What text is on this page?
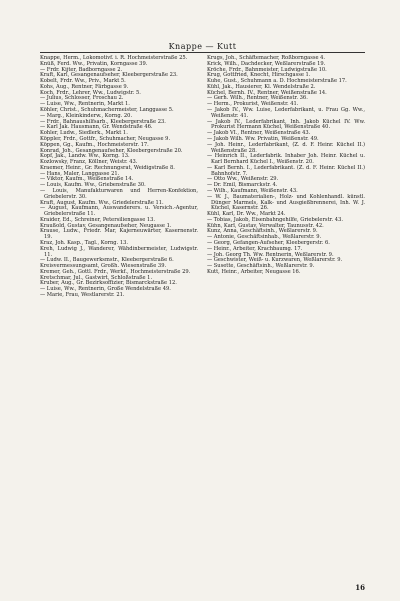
Knappe — Kutt

Knappe, Herm., Lokomotivf. i. R. Hochmeisterstraße 25.

Knüß, Ferd. Ww., Privatin, Korngasse 39.

— Frdr. Kijter, Badborngasse 2.

Kraft, Karl, Gesangenaufseher, Kleebergerstraße 23.

Kobelt, Frdr. Ww., Priv., Markt 5.

Kohs, Aug., Rentner, Färbgasse 9.

Koch, Frdr., Lehrer, Ww., Ludwigstr. 5.

— Julius, Schlosser, Froschau 2.

— Luise, Ww., Rentnerin, Markt 1.

Köhler, Christ., Schuhmachermeister, Langgasse 5.

— Marg., Kleinkinderw., Korng. 20.

— Frdr., Bahnaushilfsarb., Kleebergerstraße 23.

— Karl Jak. Hausmann, Gr. Wendstraße 46.

Kohler, Ludw., Siedlerk., Markt 1.

Köppler, Frdr., Gottfr., Schuhmacher, Neugasse 9.

Köppen, Gg., Kaufm., Hochmeisterstr. 17.

Konrad, Joh., Gesangenaufseher, Kleebergerstraße 20.

Kopf, Jak., Landw. Ww., Korng. 13.

Kozlowsky, Franz, Köllner, Weistr. 43.

Kraemer, Heinr., Gr. Rechnungsrat, Weidigstraße 8.

— Hans, Maler, Langgasse 21.

— Viktor, Kaufm., Weißenstraße 14.

— Louis, Kaufm. Ww., Griebenstraße 30.

— Louis, Manufakturwaren und Herren-Konfektion, Griebelerstr. 30.

Kraft, August, Kaufm. Ww., Griedelerstraße 11.

— August, Kaufmann, Auswanderers. u. Versich.-Agentur, Griebelerstraße 11.

Kraider, Ed., Schreiner, Petersiliengasse 13.

Kraußold, Gustav, Gesangenaufseher, Neugasse 1.

Krause, Ludw., Friedr. Mar, Kajerneuwärter, Kasernenstr. 19.

Kraz, Joh. Kasp., Tagl., Korng. 13.

Kreh, Ludwig J., Wanderer, Wähdinbermeister, Ludwigstr. 11.

— Ludw. II., Baugewerksmstr., Kleebergerstraße 6.

Kreisvermessungsamt, Großh. Wiesenstraße 39.

Kremer, Geh., Gottl. Frdr., Werkf., Hochmeisterstraße 29.

Kretschmar, Jul., Gastwirt, Schloßstraße 1.

Kruber, Aug., Gr. Bezirksoffizier, Bismarckstraße 12.

— Luise, Ww., Rentnerin, Große Wendelstraße 49.

— Marie, Frau, Westlarerstr. 21.

Krugs, Joh., Schäftemacher, Roßborngasse 4.

Krick, Wilh., Dachdecker, Weßlarerstraße 19.

Kröche, Frdr., Bahnmeister, Ludwigstraße 10.

Krug, Gottfried, Knecht, Hirschgasse 1.

Kuhe, Gust., Schuhmann a. D. Hochmeisterstraße 17.

Kühl, Jak., Hausierer, Kl. Wendelstraße 2.

Küchel, Bernh. IV., Rentner, Weißenstraße 14.

— Gerh. Wilh., Rentner, Weißenstr. 36.

— Herm., Prokurist, Weißenstr. 41.

— Jakob IV., Ww. Luise, Lederfabrikant, u. Frau Gg. Ww., Weißenstr. 41.

— Jakob IV., Lederfabrikant, Inh. Jakob Küchel IV. Ww. Prokurist Hermann Küchel, Weißenstraße 40.

— Jakob VI., Rentner, Weißenstraße 43.

— Jakob Wilh. Ww. Privatin, Weißenstr. 49.

— Joh. Heinr., Lederfabrikant, (Z. d. F. Heinr. Küchel II.) Weißenstraße 28.

— Heinrich II., Lederfabrik. Inhaber Joh. Heinr. Küchel u. Karl Bernhard Küchel I., Weißenstr. 20.

— Karl Bernh. I., Lederfabrikant. (Z. d. F. Heinr. Küchel II.) Bahnhofstr. 7.

— Otto Ww., Weißenstr. 29.

— Dr. Emil, Bismarckstr. 4.

— Wilh., Kaufmann, Weißenstr. 43.

— W. J., Baumaterialien-, Holz- und Kohlenhandl. künstl. Dünger Marmels, Kalk- und Ausgießbrennerei, Inh. W. J. Küchel, Kasernstr. 26.

Kühl, Karl, Dr. Ww., Markt 24.

— Tobias, Jakob, Eisenbahngehilfe, Griebelerstr. 43.

Kühn, Karl, Gustav, Verwalter, Taunusstr. 42.

Kunz, Anna, Geschäftsinh., Weßlarerstr. 9.

— Antonie, Geschäftsinhab., Weßlarerstr. 9.

— Georg, Gefangen-Aufseher, Kleebergerstr. 6.

— Heinr., Arbeiter, Krachbaumg. 17.

— Joh. Georg Th. Ww. Rentnerin, Weßlarerstr. 9.

— Geschwister, Weiß- u. Kurzwaren, Weßlarerstr. 9.

— Susette, Geschäftsinh., Weßlarerstr. 9.

Kutt, Heinr., Arbeiter, Neugasse 16.

16
